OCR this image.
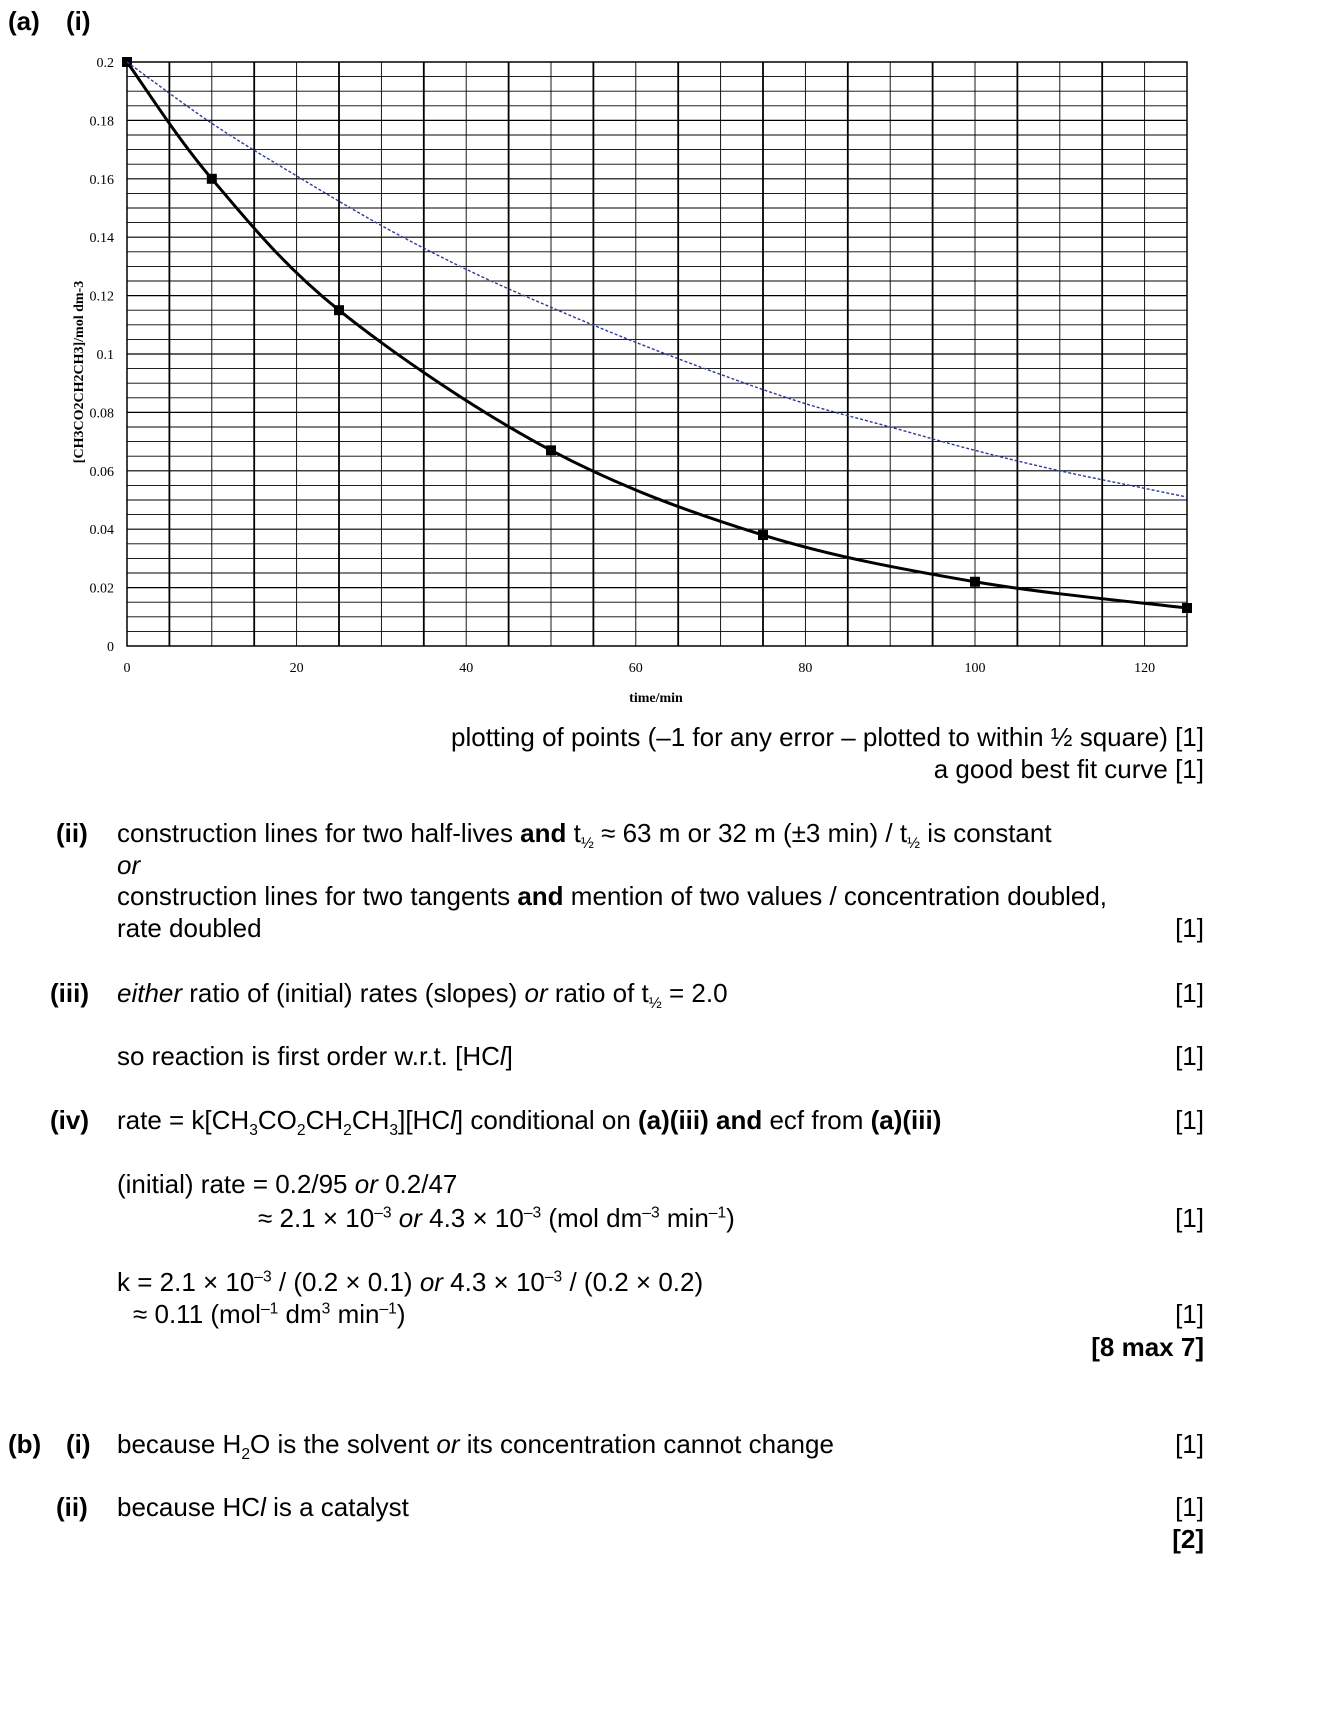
(a) (i)
0
0.02
0.04
0.06
0.08
0.1
0.12
0.14
0.16
0.18
0.2
0	20	40	60	80	100	120
time/min
[CH3CO2CH2CH3]/mol dm-3
plotting of points (–1 for any error – plotted to within ½ square) [1]
a good best fit curve [1]
(ii) construction lines for two half-lives and $t_{\frac{1}{2}} \approx 63$ m or 32 m (±3 $\min) / t_{\frac{1}{2}}$ is constant
or
construction lines for two tangents and mention of two values / concentration doubled,
rate doubled	[1]
(iii) either ratio of (initial) rates (slopes) or ratio of $t_{\frac{1}{2}} = 2.0$	[1]
so reaction is first order w.r.t. [HCl]	[1]
(iv) rate = $k[CH_3CO_2CH_2CH_3][HCl]$ conditional on (a)(iii) and ecf from (a)(iii)	[1]
(initial) rate = 0.2/95 or 0.2/47
≈ $2.1 \times 10^{-3}$ or $4.3 \times 10^{-3}$ (mol $dm^{-3}$ $\min^{-1}$)	[1]
$k = 2.1 \times 10^{-3} / (0.2 \times 0.1)$ or $4.3 \times 10^{-3} / (0.2 \times 0.2)$
≈ 0.11 (mol$^{-1}$ $dm^3$ $\min^{-1}$)	[1]
[8 max 7]
(b) (i) because $H_2O$ is the solvent or its concentration cannot change	[1]
(ii) because HCl is a catalyst	[1]
[2]
